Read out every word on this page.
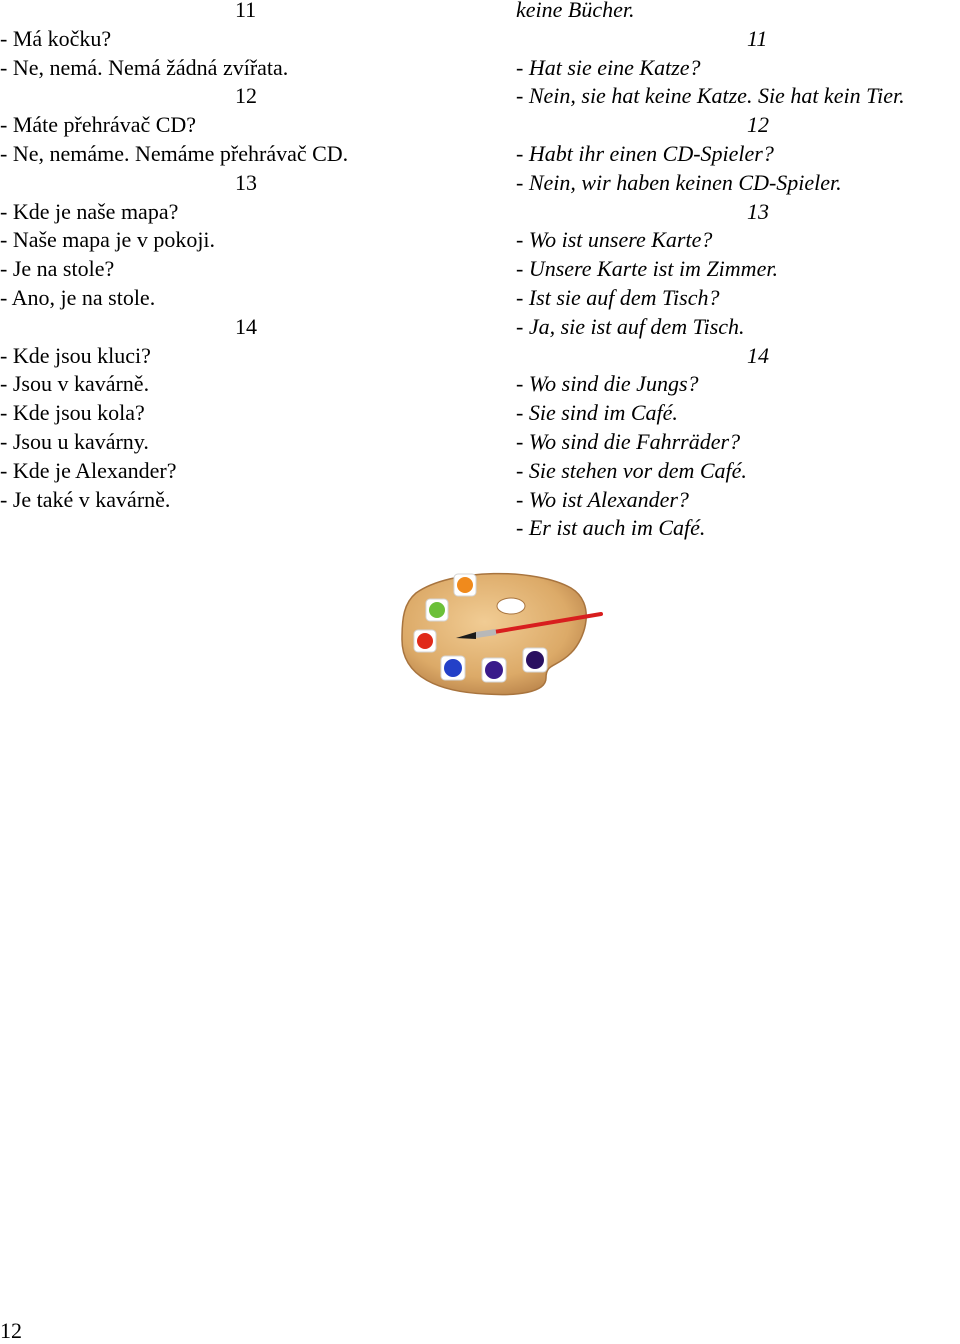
11
- Má kočku?
- Ne, nemá. Nemá žádná zvířata.
12
- Máte přehrávač CD?
- Ne, nemáme. Nemáme přehrávač CD.
13
- Kde je naše mapa?
- Naše mapa je v pokoji.
- Je na stole?
- Ano, je na stole.
14
- Kde jsou kluci?
- Jsou v kavárně.
- Kde jsou kola?
- Jsou u kavárny.
- Kde je Alexander?
- Je také v kavárně.
keine Bücher.
11
- Hat sie eine Katze?
- Nein, sie hat keine Katze. Sie hat kein Tier.
12
- Habt ihr einen CD-Spieler?
- Nein, wir haben keinen CD-Spieler.
13
- Wo ist unsere Karte?
- Unsere Karte ist im Zimmer.
- Ist sie auf dem Tisch?
- Ja, sie ist auf dem Tisch.
14
- Wo sind die Jungs?
- Sie sind im Café.
- Wo sind die Fahrräder?
- Sie stehen vor dem Café.
- Wo ist Alexander?
- Er ist auch im Café.
12
